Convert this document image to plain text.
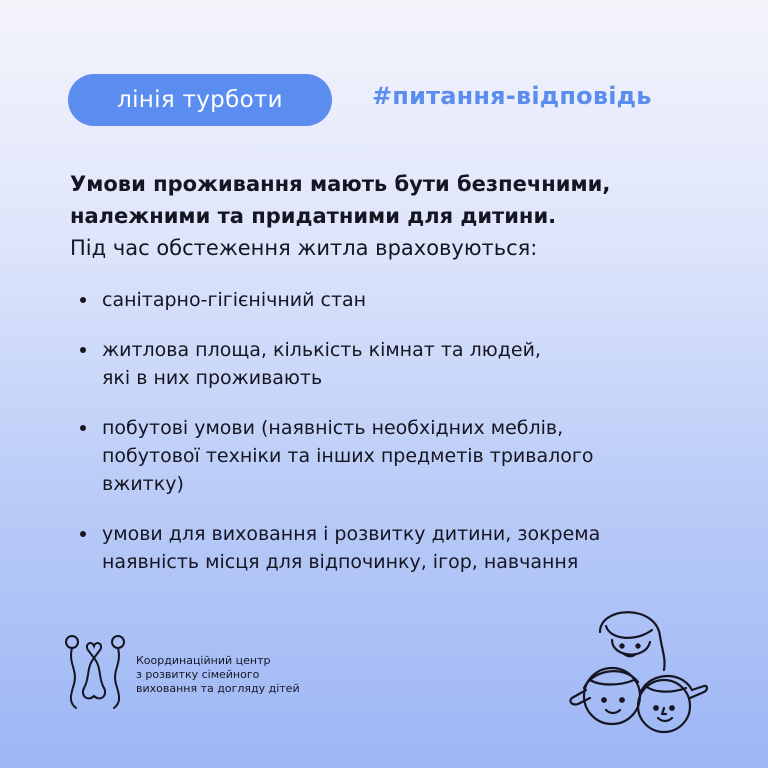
лінія турботи	#питання-відповідь
Умови проживання мають бути безпечними,
належними та придатними для дитини.
Під час обстеження житла враховуються:
санітарно-гігієнічний стан
житлова площа, кількість кімнат та людей,
які в них проживають
побутові умови (наявність необхідних меблів,
побутової техніки та інших предметів тривалого
вжитку)
умови для виховання і розвитку дитини, зокрема
наявність місця для відпочинку, ігор, навчання
Координаційний центр
з розвитку сімейного
виховання та догляду дітей
